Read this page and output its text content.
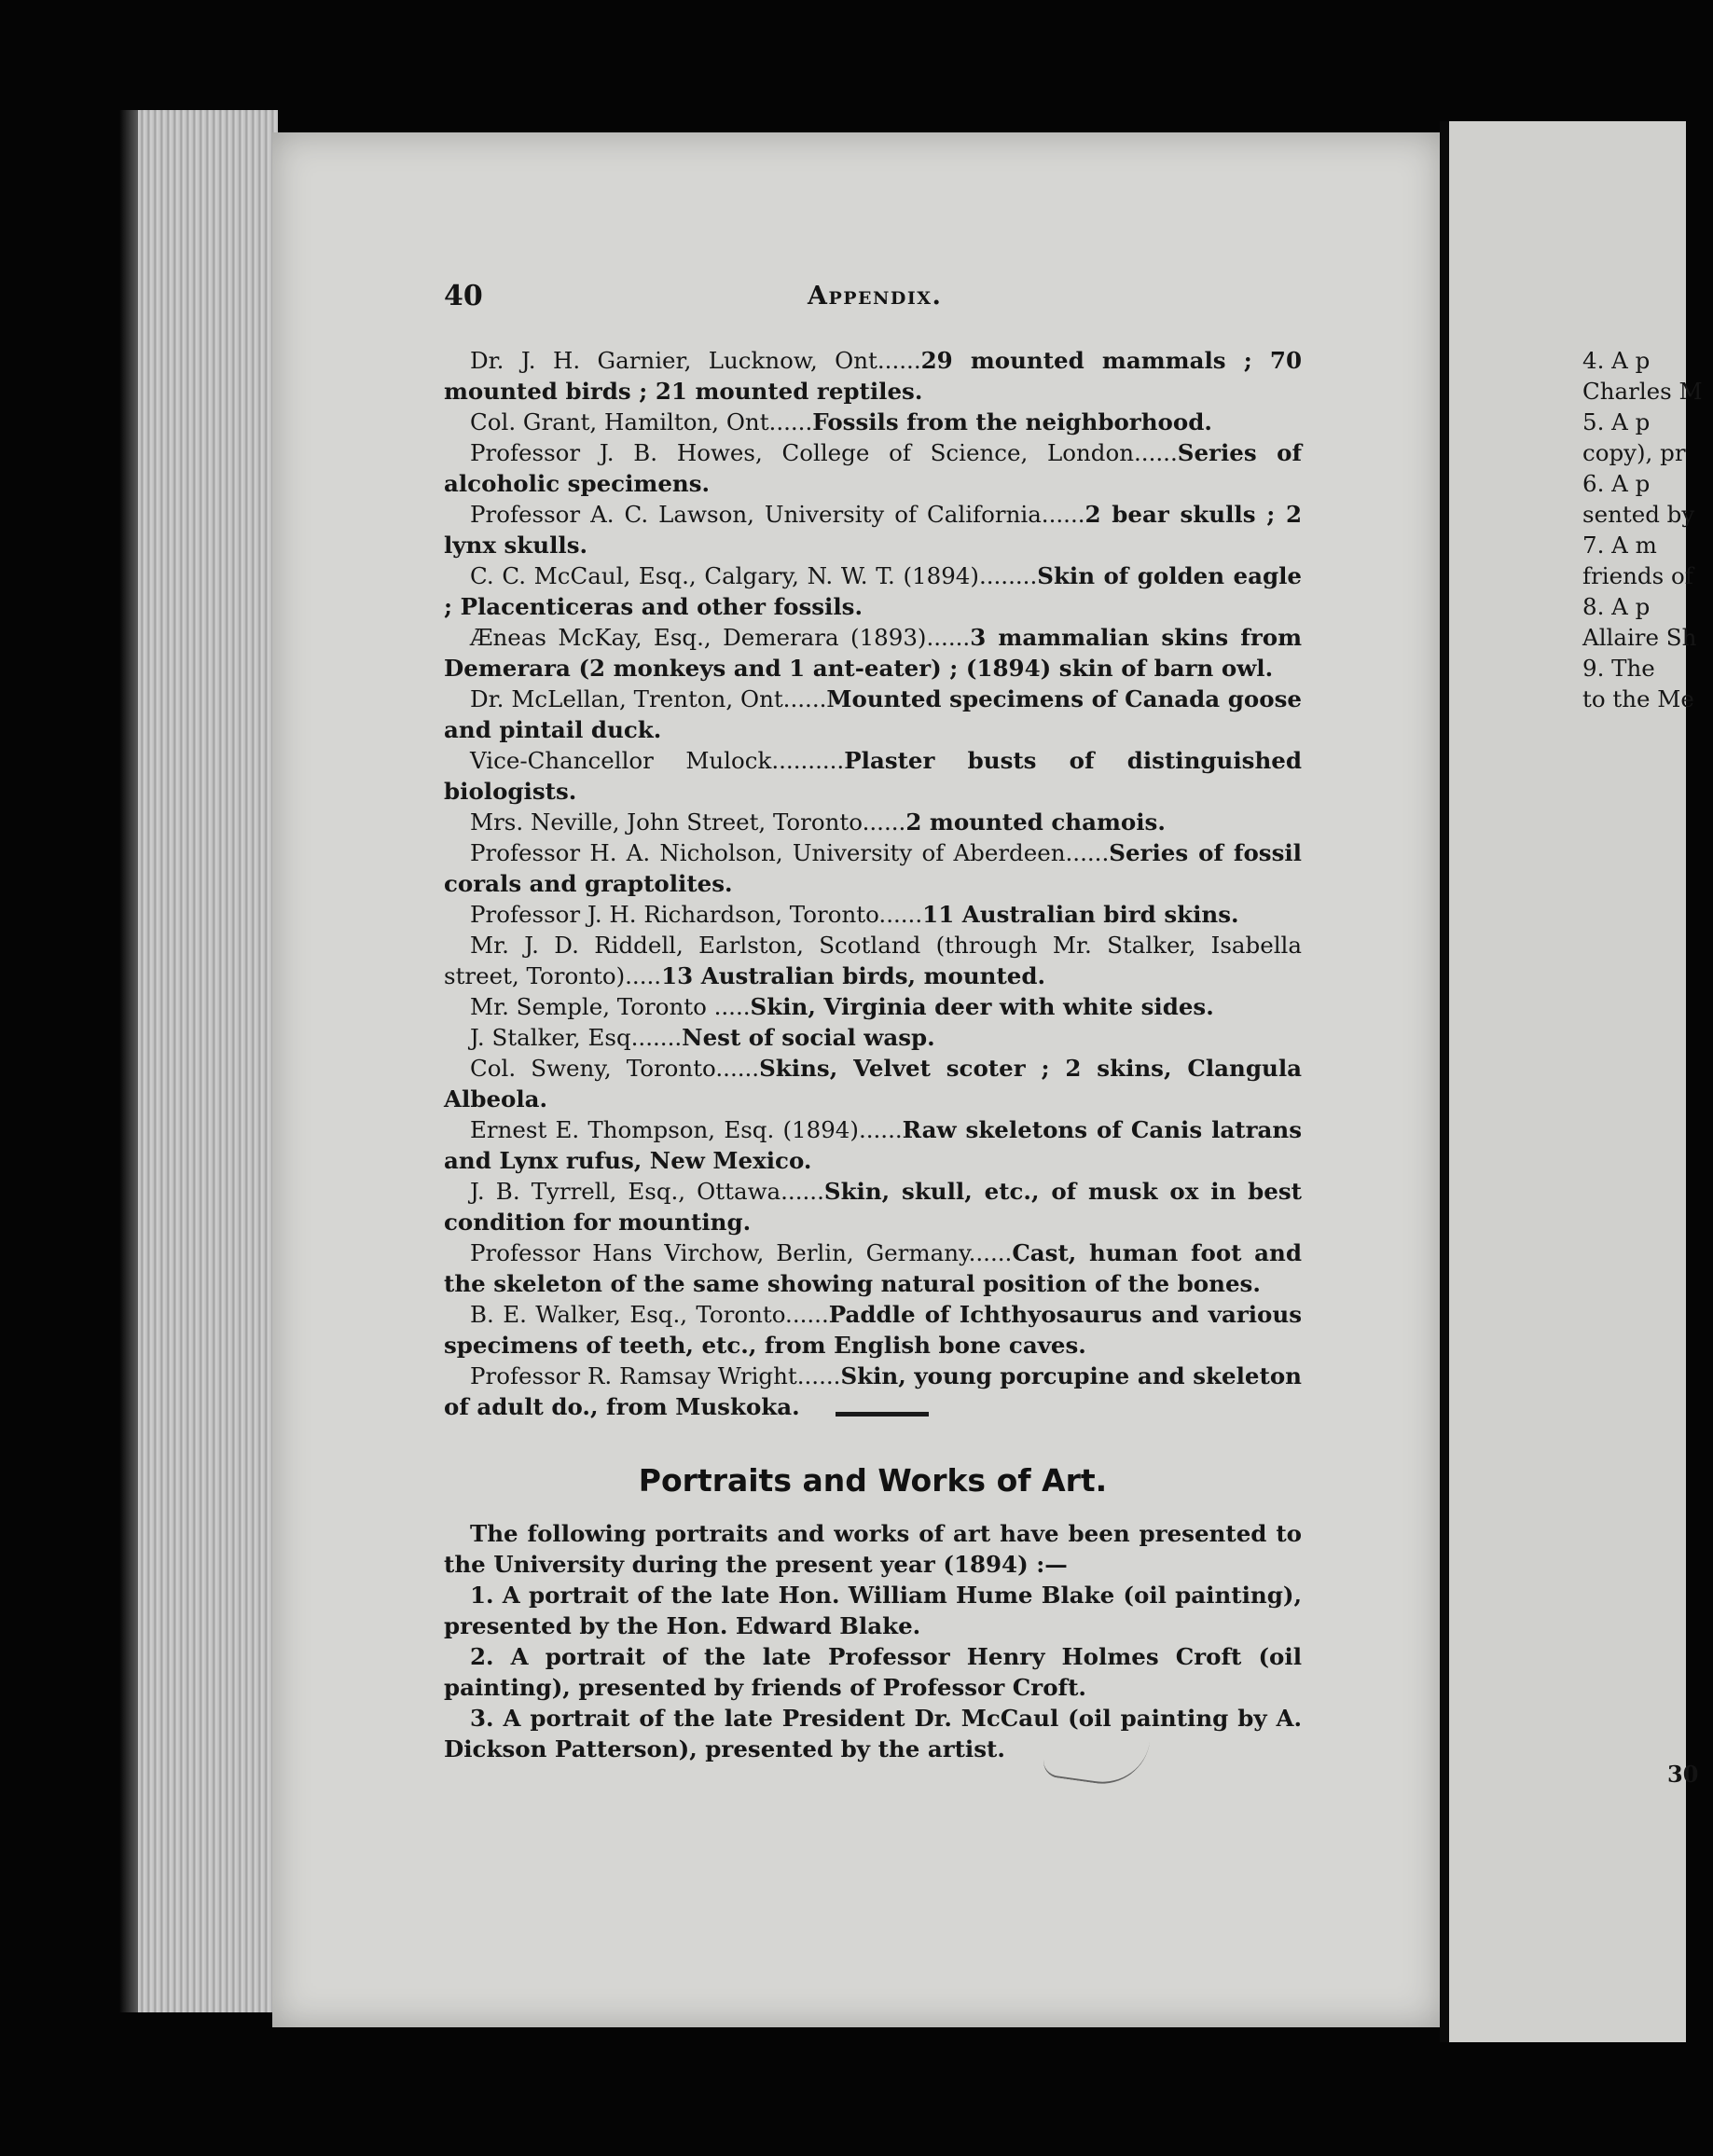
40	Appendix.

Dr. J. H. Garnier, Lucknow, Ont......29 mounted mammals ; 70 mounted birds ; 21 mounted reptiles.

Col. Grant, Hamilton, Ont......Fossils from the neighborhood.

Professor J. B. Howes, College of Science, London......Series of alcoholic specimens.

Professor A. C. Lawson, University of California......2 bear skulls ; 2 lynx skulls.

C. C. McCaul, Esq., Calgary, N. W. T. (1894)........Skin of golden eagle ; Placenticeras and other fossils.

Æneas McKay, Esq., Demerara (1893)......3 mammalian skins from Demerara (2 monkeys and 1 ant-eater) ; (1894) skin of barn owl.

Dr. McLellan, Trenton, Ont......Mounted specimens of Canada goose and pintail duck.

Vice-Chancellor Mulock..........Plaster busts of distinguished biologists.

Mrs. Neville, John Street, Toronto......2 mounted chamois.

Professor H. A. Nicholson, University of Aberdeen......Series of fossil corals and graptolites.

Professor J. H. Richardson, Toronto......11 Australian bird skins.

Mr. J. D. Riddell, Earlston, Scotland (through Mr. Stalker, Isabella street, Toronto).....13 Australian birds, mounted.

Mr. Semple, Toronto .....Skin, Virginia deer with white sides.

J. Stalker, Esq.......Nest of social wasp.

Col. Sweny, Toronto......Skins, Velvet scoter ; 2 skins, Clangula Albeola.

Ernest E. Thompson, Esq. (1894)......Raw skeletons of Canis latrans and Lynx rufus, New Mexico.

J. B. Tyrrell, Esq., Ottawa......Skin, skull, etc., of musk ox in best condition for mounting.

Professor Hans Virchow, Berlin, Germany......Cast, human foot and the skeleton of the same showing natural position of the bones.

B. E. Walker, Esq., Toronto......Paddle of Ichthyosaurus and various specimens of teeth, etc., from English bone caves.

Professor R. Ramsay Wright......Skin, young porcupine and skeleton of adult do., from Muskoka.

Portraits and Works of Art.

The following portraits and works of art have been presented to the University during the present year (1894) :—

1. A portrait of the late Hon. William Hume Blake (oil painting), presented by the Hon. Edward Blake.

2. A portrait of the late Professor Henry Holmes Croft (oil painting), presented by friends of Professor Croft.

3. A portrait of the late President Dr. McCaul (oil painting by A. Dickson Patterson), presented by the artist.

4. A p
Charles M
5. A p
copy), pr
6. A p
sented by
7. A m
friends of
8. A p
Allaire Sh
9. The
to the Me
30
